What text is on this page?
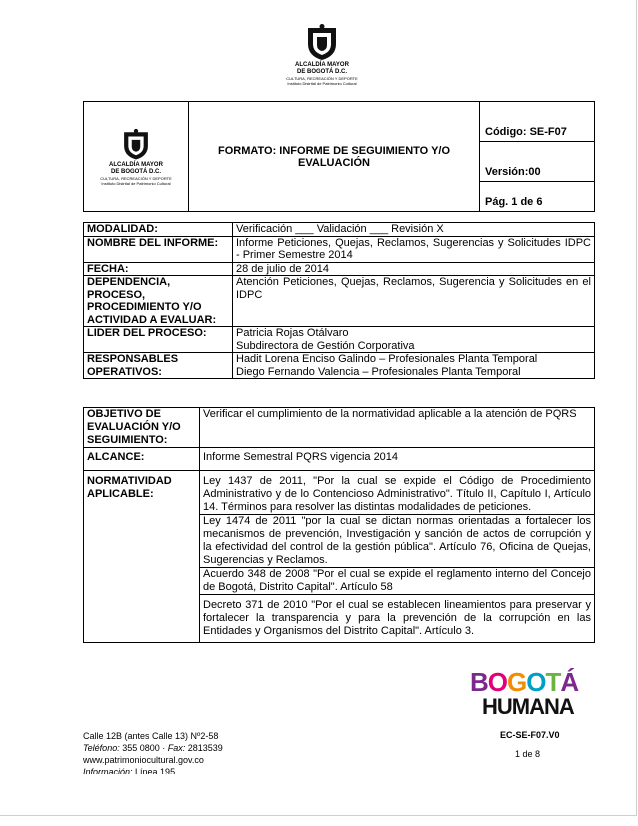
ALCALDÍA MAYOR
DE BOGOTÁ D.C.
CULTURA, RECREACIÓN Y DEPORTE
Instituto Distrital de Patrimonio Cultural
ALCALDÍA MAYOR
DE BOGOTÁ D.C.
CULTURA, RECREACIÓN Y DEPORTE
Instituto Distrital de Patrimonio Cultural
	FORMATO: INFORME DE SEGUIMIENTO Y/O EVALUACIÓN	Código: SE-F07
Versión:00
Pág. 1 de 6
MODALIDAD:	Verificación ___ Validación ___ Revisión X
NOMBRE DEL INFORME:	Informe Peticiones, Quejas, Reclamos, Sugerencias y Solicitudes IDPC - Primer Semestre 2014
FECHA:	28 de julio de 2014
DEPENDENCIA, PROCESO, PROCEDIMIENTO Y/O ACTIVIDAD A EVALUAR:	Atención Peticiones, Quejas, Reclamos, Sugerencia y Solicitudes en el IDPC
LIDER DEL PROCESO:	Patricia Rojas Otálvaro
Subdirectora de Gestión Corporativa

RESPONSABLES OPERATIVOS:	Hadit Lorena Enciso Galindo – Profesionales Planta Temporal
Diego Fernando Valencia – Profesionales Planta Temporal
OBJETIVO DE EVALUACIÓN Y/O SEGUIMIENTO:	Verificar el cumplimiento de la normatividad aplicable a la atención de PQRS
ALCANCE:	Informe Semestral PQRS vigencia 2014
NORMATIVIDAD APLICABLE:	Ley 1437 de 2011, "Por la cual se expide el Código de Procedimiento Administrativo y de lo Contencioso Administrativo". Título II, Capítulo I, Artículo 14. Términos para resolver las distintas modalidades de peticiones.
	Ley 1474 de 2011 "por la cual se dictan normas orientadas a fortalecer los mecanismos de prevención, Investigación y sanción de actos de corrupción y la efectividad del control de la gestión pública". Artículo 76, Oficina de Quejas, Sugerencias y Reclamos.
	Acuerdo 348 de 2008 "Por el cual se expide el reglamento interno del Concejo de Bogotá, Distrito Capital". Artículo 58
	Decreto 371 de 2010 "Por el cual se establecen lineamientos para preservar y fortalecer la transparencia y para la prevención de la corrupción en las Entidades y Organismos del Distrito Capital". Artículo 3.
BOGOTÁ
HUMANA
Calle 12B (antes Calle 13) Nº2-58
Teléfono: 355 0800 · Fax: 2813539
www.patrimoniocultural.gov.co
Información: Línea 195
EC-SE-F07.V0
1 de 8
